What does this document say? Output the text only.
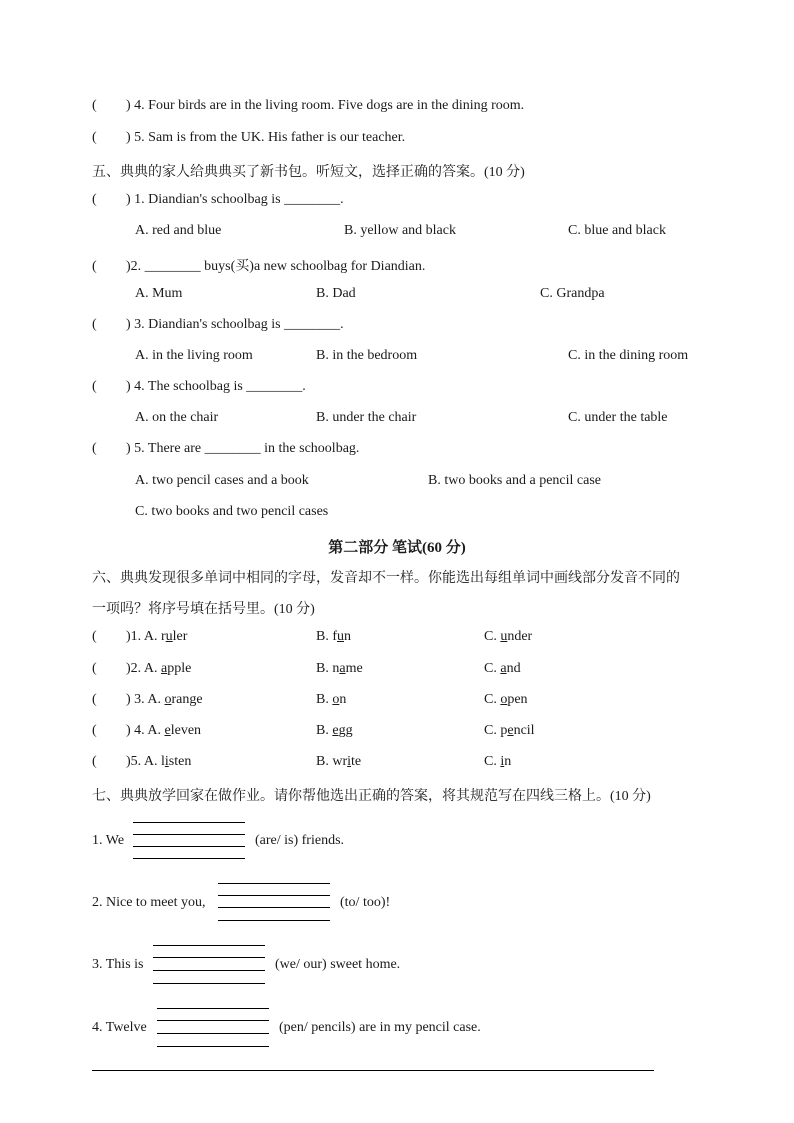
( ) 4. Four birds are in the living room. Five dogs are in the dining room.
( ) 5. Sam is from the UK. His father is our teacher.
五、典典的家人给典典买了新书包。听短文，选择正确的答案。(10 分)
( ) 1. Diandian's schoolbag is ________.
A. red and blue	B. yellow and black	C. blue and black
( )2. ________ buys(买)a new schoolbag for Diandian.
A. Mum	B. Dad	C. Grandpa
( ) 3. Diandian's schoolbag is ________.
A. in the living room	B. in the bedroom	C. in the dining room
( ) 4. The schoolbag is ________.
A. on the chair	B. under the chair	C. under the table
( ) 5. There are ________ in the schoolbag.
A. two pencil cases and a book	B. two books and a pencil case
C. two books and two pencil cases
第二部分 笔试(60 分)
六、典典发现很多单词中相同的字母，发音却不一样。你能选出每组单词中画线部分发音不同的
一项吗？将序号填在括号里。(10 分)
( )1. A. ruler	B. fun	C. under
( )2. A. apple	B. name	C. and
( ) 3. A. orange	B. on	C. open
( ) 4. A. eleven	B. egg	C. pencil
( )5. A. listen	B. write	C. in
七、典典放学回家在做作业。请你帮他选出正确的答案，将其规范写在四线三格上。(10 分)
1. We	(are/ is) friends.
2. Nice to meet you,	(to/ too)!
3. This is	(we/ our) sweet home.
4. Twelve	(pen/ pencils) are in my pencil case.
